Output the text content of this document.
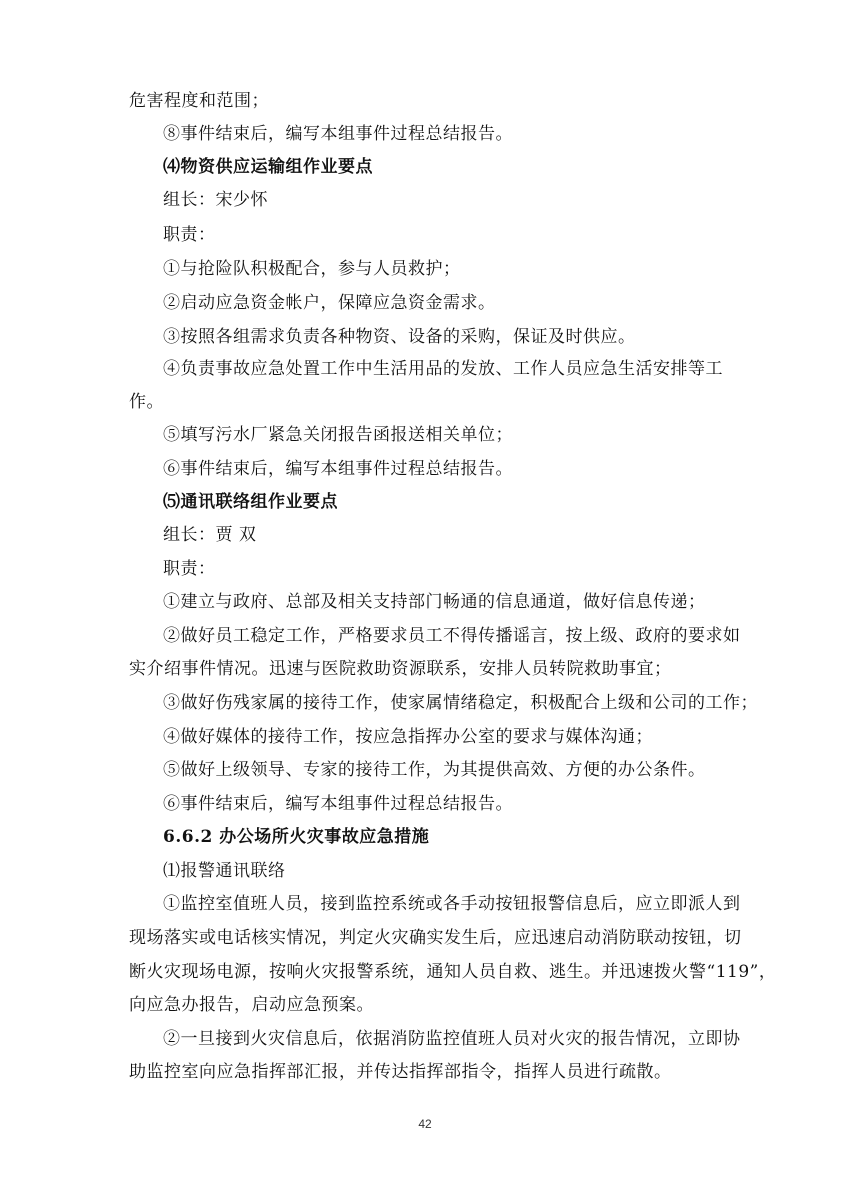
危害程度和范围；
⑧事件结束后，编写本组事件过程总结报告。
⑷物资供应运输组作业要点
组长：宋少怀
职责：
①与抢险队积极配合，参与人员救护；
②启动应急资金帐户，保障应急资金需求。
③按照各组需求负责各种物资、设备的采购，保证及时供应。
④负责事故应急处置工作中生活用品的发放、工作人员应急生活安排等工
作。
⑤填写污水厂紧急关闭报告函报送相关单位；
⑥事件结束后，编写本组事件过程总结报告。
⑸通讯联络组作业要点
组长：贾 双
职责：
①建立与政府、总部及相关支持部门畅通的信息通道，做好信息传递；
②做好员工稳定工作，严格要求员工不得传播谣言，按上级、政府的要求如
实介绍事件情况。迅速与医院救助资源联系，安排人员转院救助事宜；
③做好伤残家属的接待工作，使家属情绪稳定，积极配合上级和公司的工作；
④做好媒体的接待工作，按应急指挥办公室的要求与媒体沟通；
⑤做好上级领导、专家的接待工作，为其提供高效、方便的办公条件。
⑥事件结束后，编写本组事件过程总结报告。
6.6.2 办公场所火灾事故应急措施
⑴报警通讯联络
①监控室值班人员，接到监控系统或各手动按钮报警信息后，应立即派人到
现场落实或电话核实情况，判定火灾确实发生后，应迅速启动消防联动按钮，切
断火灾现场电源，按响火灾报警系统，通知人员自救、逃生。并迅速拨火警“119”，
向应急办报告，启动应急预案。
②一旦接到火灾信息后，依据消防监控值班人员对火灾的报告情况，立即协
助监控室向应急指挥部汇报，并传达指挥部指令，指挥人员进行疏散。
42
